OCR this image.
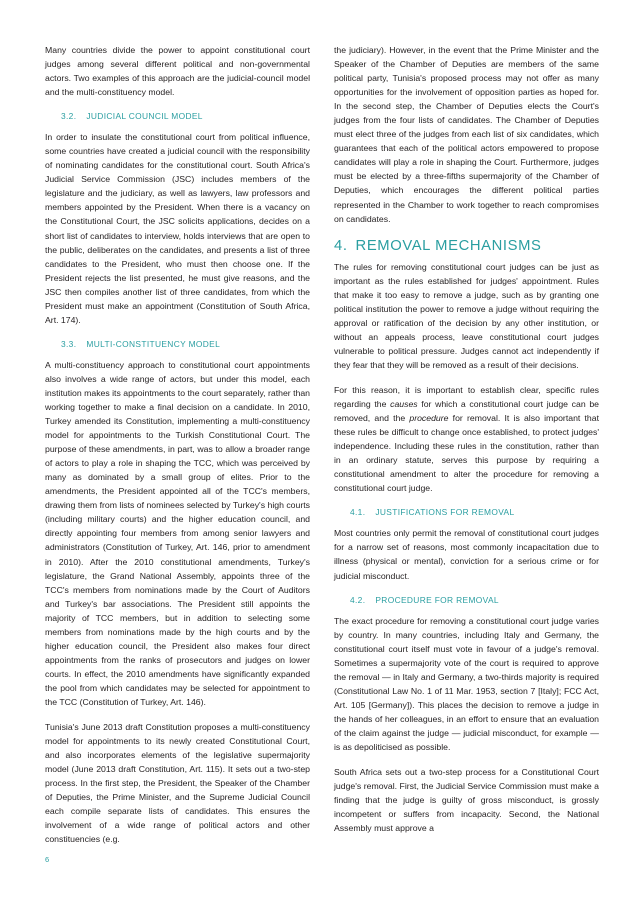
Many countries divide the power to appoint constitutional court judges among several different political and non-governmental actors. Two examples of this approach are the judicial-council model and the multi-constituency model.

3.2. JUDICIAL COUNCIL MODEL

In order to insulate the constitutional court from political influence, some countries have created a judicial council with the responsibility of nominating candidates for the constitutional court. South Africa's Judicial Service Commission (JSC) includes members of the legislature and the judiciary, as well as lawyers, law professors and members appointed by the President. When there is a vacancy on the Constitutional Court, the JSC solicits applications, decides on a short list of candidates to interview, holds interviews that are open to the public, deliberates on the candidates, and presents a list of three candidates to the President, who must then choose one. If the President rejects the list presented, he must give reasons, and the JSC then compiles another list of three candidates, from which the President must make an appointment (Constitution of South Africa, Art. 174).

3.3. MULTI-CONSTITUENCY MODEL

A multi-constituency approach to constitutional court appointments also involves a wide range of actors, but under this model, each institution makes its appointments to the court separately, rather than working together to make a final decision on a candidate. In 2010, Turkey amended its Constitution, implementing a multi-constituency model for appointments to the Turkish Constitutional Court. The purpose of these amendments, in part, was to allow a broader range of actors to play a role in shaping the TCC, which was perceived by many as dominated by a small group of elites. Prior to the amendments, the President appointed all of the TCC's members, drawing them from lists of nominees selected by Turkey's high courts (including military courts) and the higher education council, and directly appointing four members from among senior lawyers and administrators (Constitution of Turkey, Art. 146, prior to amendment in 2010). After the 2010 constitutional amendments, Turkey's legislature, the Grand National Assembly, appoints three of the TCC's members from nominations made by the Court of Auditors and Turkey's bar associations. The President still appoints the majority of TCC members, but in addition to selecting some members from nominations made by the high courts and by the higher education council, the President also makes four direct appointments from the ranks of prosecutors and judges on lower courts. In effect, the 2010 amendments have significantly expanded the pool from which candidates may be selected for appointment to the TCC (Constitution of Turkey, Art. 146).

Tunisia's June 2013 draft Constitution proposes a multi-constituency model for appointments to its newly created Constitutional Court, and also incorporates elements of the legislative supermajority model (June 2013 draft Constitution, Art. 115). It sets out a two-step process. In the first step, the President, the Speaker of the Chamber of Deputies, the Prime Minister, and the Supreme Judicial Council each compile separate lists of candidates. This ensures the involvement of a wide range of political actors and other constituencies (e.g.

the judiciary). However, in the event that the Prime Minister and the Speaker of the Chamber of Deputies are members of the same political party, Tunisia's proposed process may not offer as many opportunities for the involvement of opposition parties as hoped for. In the second step, the Chamber of Deputies elects the Court's judges from the four lists of candidates. The Chamber of Deputies must elect three of the judges from each list of six candidates, which guarantees that each of the political actors empowered to propose candidates will play a role in shaping the Court. Furthermore, judges must be elected by a three-fifths supermajority of the Chamber of Deputies, which encourages the different political parties represented in the Chamber to work together to reach compromises on candidates.

4. REMOVAL MECHANISMS

The rules for removing constitutional court judges can be just as important as the rules established for judges' appointment. Rules that make it too easy to remove a judge, such as by granting one political institution the power to remove a judge without requiring the approval or ratification of the decision by any other institution, or without an appeals process, leave constitutional court judges vulnerable to political pressure. Judges cannot act independently if they fear that they will be removed as a result of their decisions.

For this reason, it is important to establish clear, specific rules regarding the causes for which a constitutional court judge can be removed, and the procedure for removal. It is also important that these rules be difficult to change once established, to protect judges' independence. Including these rules in the constitution, rather than in an ordinary statute, serves this purpose by requiring a constitutional amendment to alter the procedure for removing a constitutional court judge.

4.1. JUSTIFICATIONS FOR REMOVAL

Most countries only permit the removal of constitutional court judges for a narrow set of reasons, most commonly incapacitation due to illness (physical or mental), conviction for a serious crime or for judicial misconduct.

4.2. PROCEDURE FOR REMOVAL

The exact procedure for removing a constitutional court judge varies by country. In many countries, including Italy and Germany, the constitutional court itself must vote in favour of a judge's removal. Sometimes a supermajority vote of the court is required to approve the removal — in Italy and Germany, a two-thirds majority is required (Constitutional Law No. 1 of 11 Mar. 1953, section 7 [Italy]; FCC Act, Art. 105 [Germany]). This places the decision to remove a judge in the hands of her colleagues, in an effort to ensure that an evaluation of the claim against the judge — judicial misconduct, for example — is as depoliticised as possible.

South Africa sets out a two-step process for a Constitutional Court judge's removal. First, the Judicial Service Commission must make a finding that the judge is guilty of gross misconduct, is grossly incompetent or suffers from incapacity. Second, the National Assembly must approve a

6
